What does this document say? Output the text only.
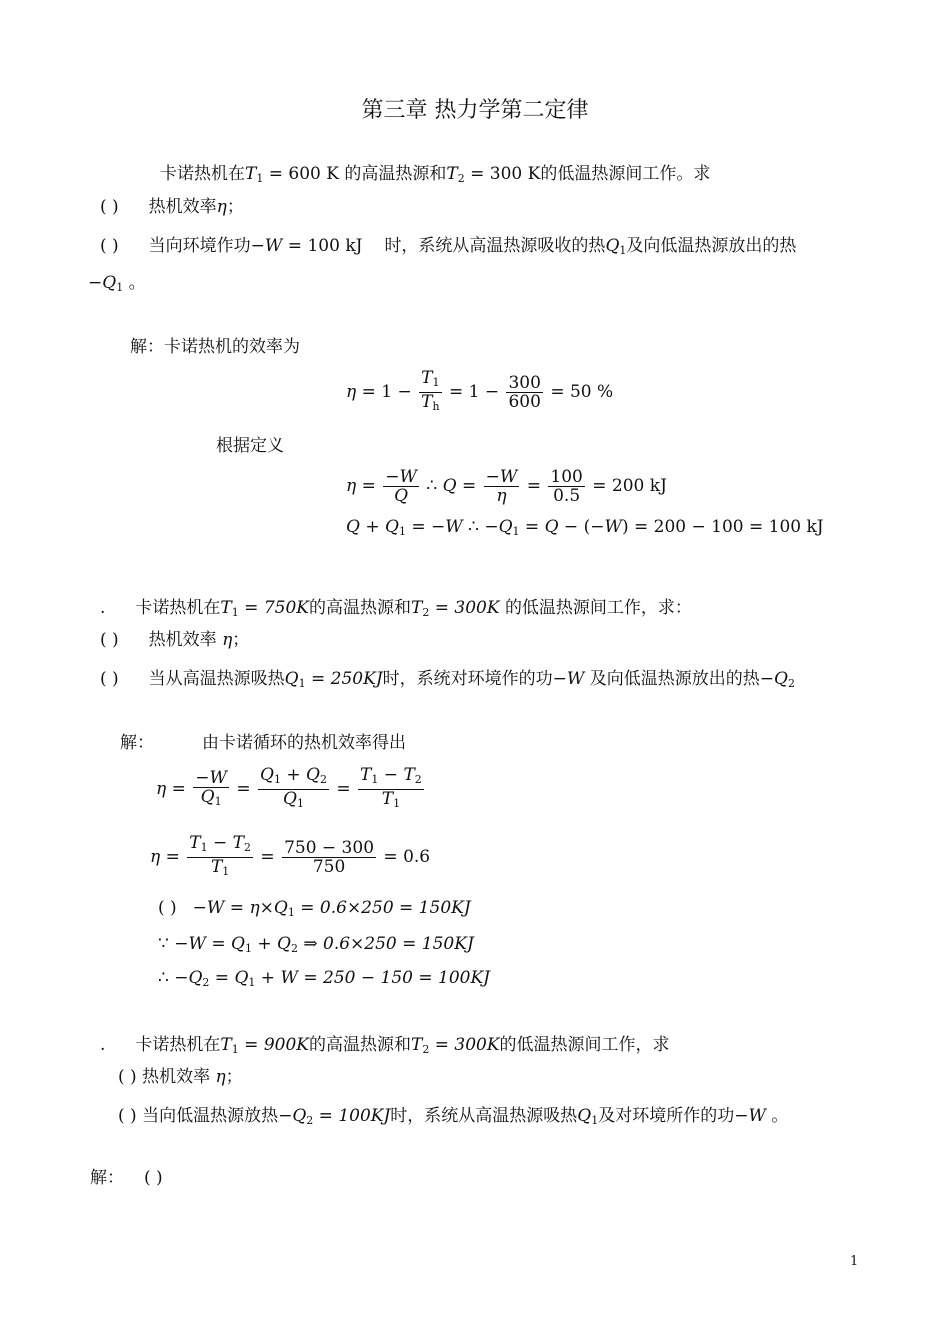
第三章 热力学第二定律
卡诺热机在$T_1 = 600$ K 的高温热源和$T_2 = 300$ K的低温热源间工作。求
( ) 热机效率η；
( ) 当向环境作功−W = 100 kJ 时，系统从高温热源吸收的热$Q_1$及向低温热源放出的热
$-Q_1$ 。
解：卡诺热机的效率为
$\eta = 1 - \frac{T_1}{T_h} = 1 - \frac{300}{600} = 50$ %
根据定义
$\eta = \frac{-W}{Q}$ ∴ $Q = \frac{-W}{\eta} = \frac{100}{0.5} = 200$ kJ
$Q + Q_1 = -W$ ∴ $-Q_1 = Q - (-W) = 200 - 100 = 100$ kJ
. 卡诺热机在$T_1 = 750K$的高温热源和$T_2 = 300K$ 的低温热源间工作，求：
( ) 热机效率 η；
( ) 当从高温热源吸热$Q_1 = 250KJ$时，系统对环境作的功−W 及向低温热源放出的热$-Q_2$
解：	由卡诺循环的热机效率得出
$\eta = \frac{-W}{Q_1} = \frac{Q_1 + Q_2}{Q_1} = \frac{T_1 - T_2}{T_1}$
$\eta = \frac{T_1 - T_2}{T_1} = \frac{750 - 300}{750} = 0.6$
( ) $-W = \eta\times Q_1 = 0.6\times 250 = 150KJ$
∵ $-W = Q_1 + Q_2$ ⇒ 0.6×250 = 150KJ
∴ $-Q_2 = Q_1 + W = 250 - 150 = 100KJ$
. 卡诺热机在$T_1 = 900K$的高温热源和$T_2 = 300K$的低温热源间工作，求
( ) 热机效率 η；
( ) 当向低温热源放热$-Q_2 = 100KJ$时，系统从高温热源吸热$Q_1$及对环境所作的功−W 。
解： ( )
1
